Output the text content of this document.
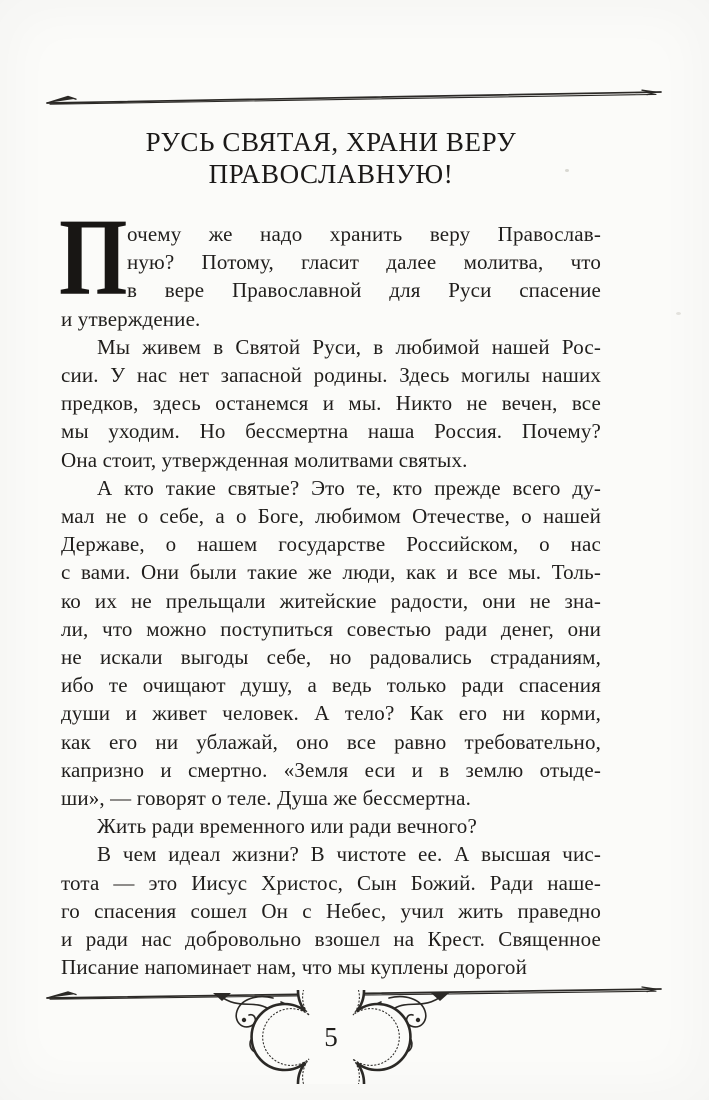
РУСЬ СВЯТАЯ, ХРАНИ ВЕРУ
ПРАВОСЛАВНУЮ!
П очему же надо хранить веру Православ-
ную? Потому, гласит далее молитва, что
в вере Православной для Руси спасение
и утверждение.
Мы живем в Святой Руси, в любимой нашей Рос-
сии. У нас нет запасной родины. Здесь могилы наших
предков, здесь останемся и мы. Никто не вечен, все
мы уходим. Но бессмертна наша Россия. Почему?
Она стоит, утвержденная молитвами святых.
А кто такие святые? Это те, кто прежде всего ду-
мал не о себе, а о Боге, любимом Отечестве, о нашей
Державе, о нашем государстве Российском, о нас
с вами. Они были такие же люди, как и все мы. Толь-
ко их не прельщали житейские радости, они не зна-
ли, что можно поступиться совестью ради денег, они
не искали выгоды себе, но радовались страданиям,
ибо те очищают душу, а ведь только ради спасения
души и живет человек. А тело? Как его ни корми,
как его ни ублажай, оно все равно требовательно,
капризно и смертно. «Земля еси и в землю отыде-
ши», — говорят о теле. Душа же бессмертна.
Жить ради временного или ради вечного?
В чем идеал жизни? В чистоте ее. А высшая чис-
тота — это Иисус Христос, Сын Божий. Ради наше-
го спасения сошел Он с Небес, учил жить праведно
и ради нас добровольно взошел на Крест. Священное
Писание напоминает нам, что мы куплены дорогой
5
